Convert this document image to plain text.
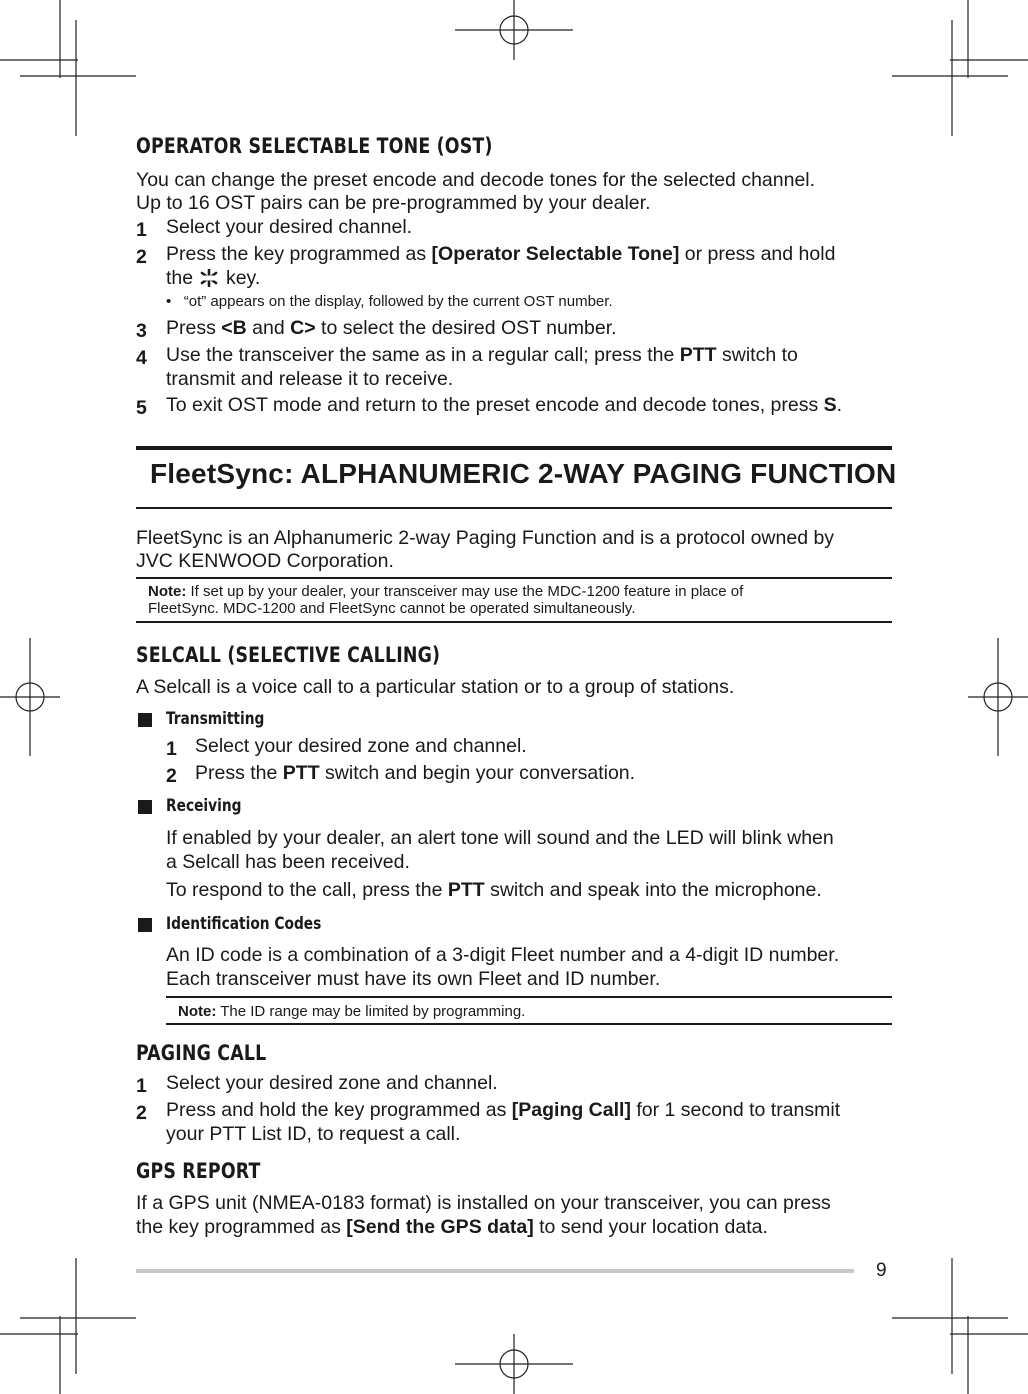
OPERATOR SELECTABLE TONE (OST)
You can change the preset encode and decode tones for the selected channel.
Up to 16 OST pairs can be pre-programmed by your dealer.
1 Select your desired channel.
2 Press the key programmed as [Operator Selectable Tone] or press and hold
the  key.
•   “ot” appears on the display, followed by the current OST number.
3 Press <B and C> to select the desired OST number.
4 Use the transceiver the same as in a regular call; press the PTT switch to
transmit and release it to receive.
5 To exit OST mode and return to the preset encode and decode tones, press S.
FleetSync: ALPHANUMERIC 2-WAY PAGING FUNCTION
FleetSync is an Alphanumeric 2-way Paging Function and is a protocol owned by
JVC KENWOOD Corporation.
Note: If set up by your dealer, your transceiver may use the MDC-1200 feature in place of
FleetSync. MDC-1200 and FleetSync cannot be operated simultaneously.
SELCALL (SELECTIVE CALLING)
A Selcall is a voice call to a particular station or to a group of stations.
Transmitting
1 Select your desired zone and channel.
2 Press the PTT switch and begin your conversation.
Receiving
If enabled by your dealer, an alert tone will sound and the LED will blink when
a Selcall has been received.
To respond to the call, press the PTT switch and speak into the microphone.
Identification Codes
An ID code is a combination of a 3-digit Fleet number and a 4-digit ID number.
Each transceiver must have its own Fleet and ID number.
Note: The ID range may be limited by programming.
PAGING CALL
1 Select your desired zone and channel.
2 Press and hold the key programmed as [Paging Call] for 1 second to transmit
your PTT List ID, to request a call.
GPS REPORT
If a GPS unit (NMEA-0183 format) is installed on your transceiver, you can press
the key programmed as [Send the GPS data] to send your location data.
9
